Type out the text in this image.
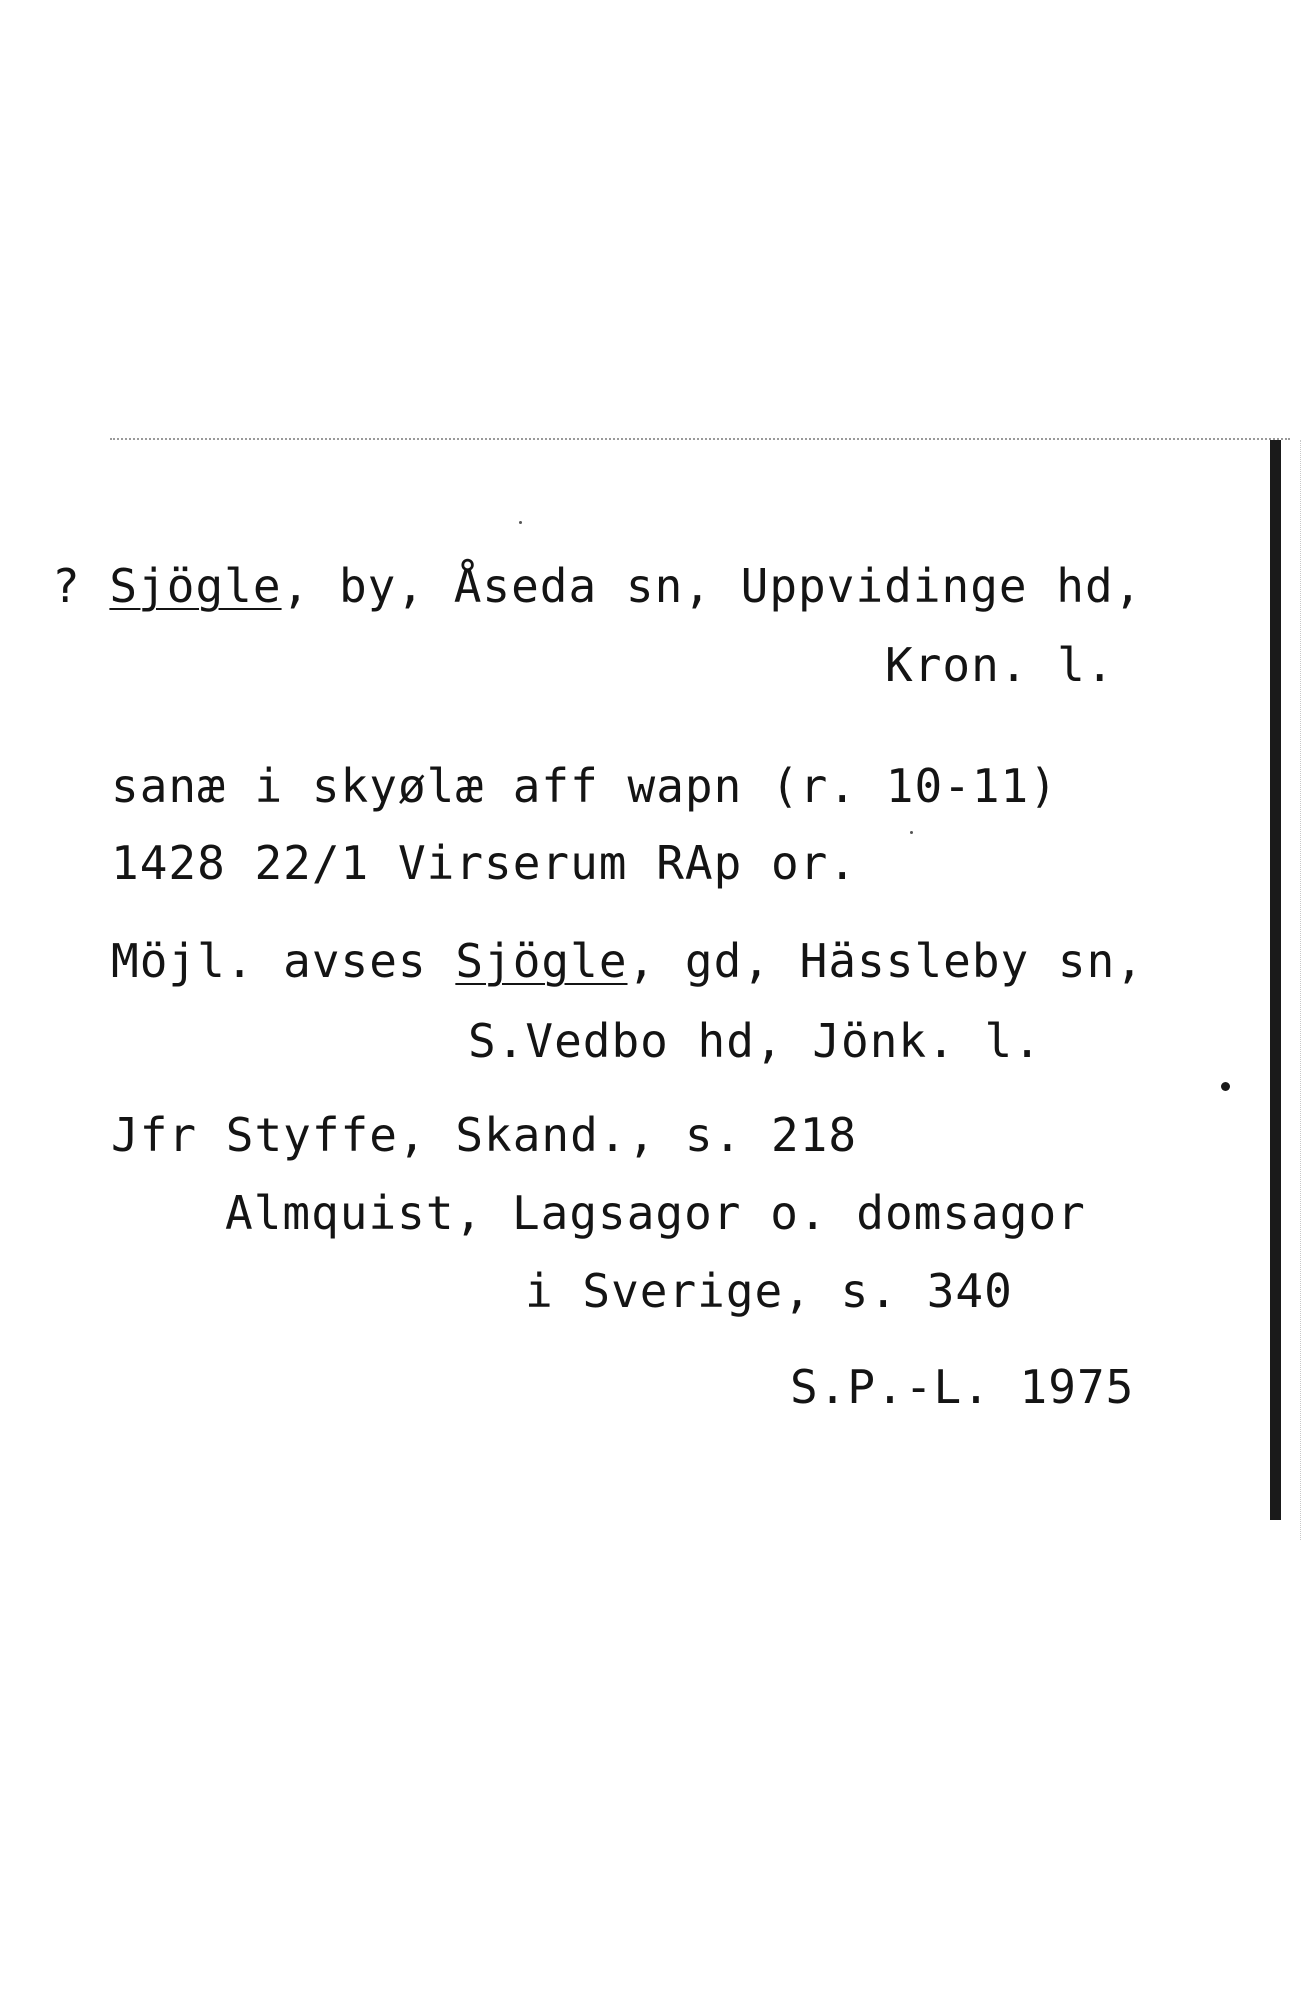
? Sjögle, by, Åseda sn, Uppvidinge hd,
Kron. l.
sanæ i skyølæ aff wapn (r. 10-11)
1428 22/1 Virserum RAp or.
Möjl. avses Sjögle, gd, Hässleby sn,
S.Vedbo hd, Jönk. l.
Jfr Styffe, Skand., s. 218
Almquist, Lagsagor o. domsagor
i Sverige, s. 340
S.P.-L. 1975
